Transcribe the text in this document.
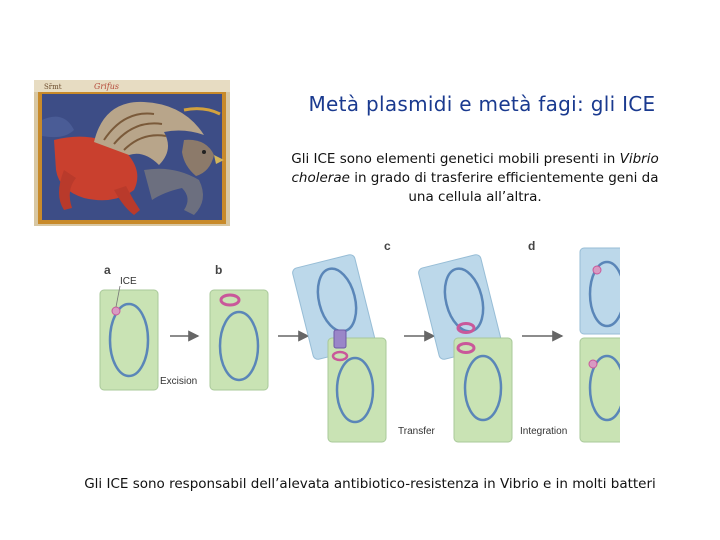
Metà plasmidi e metà fagi: gli ICE
Gli ICE sono elementi genetici mobili presenti in Vibrio cholerae in grado di trasferire efficientemente geni da una cellula all’altra.
Sr̄mt	Grifus
a	b
c	d
ICE
Excision
Transfer	Integration
Gli ICE sono responsabil dell’alevata antibiotico-resistenza in Vibrio e in molti batteri
